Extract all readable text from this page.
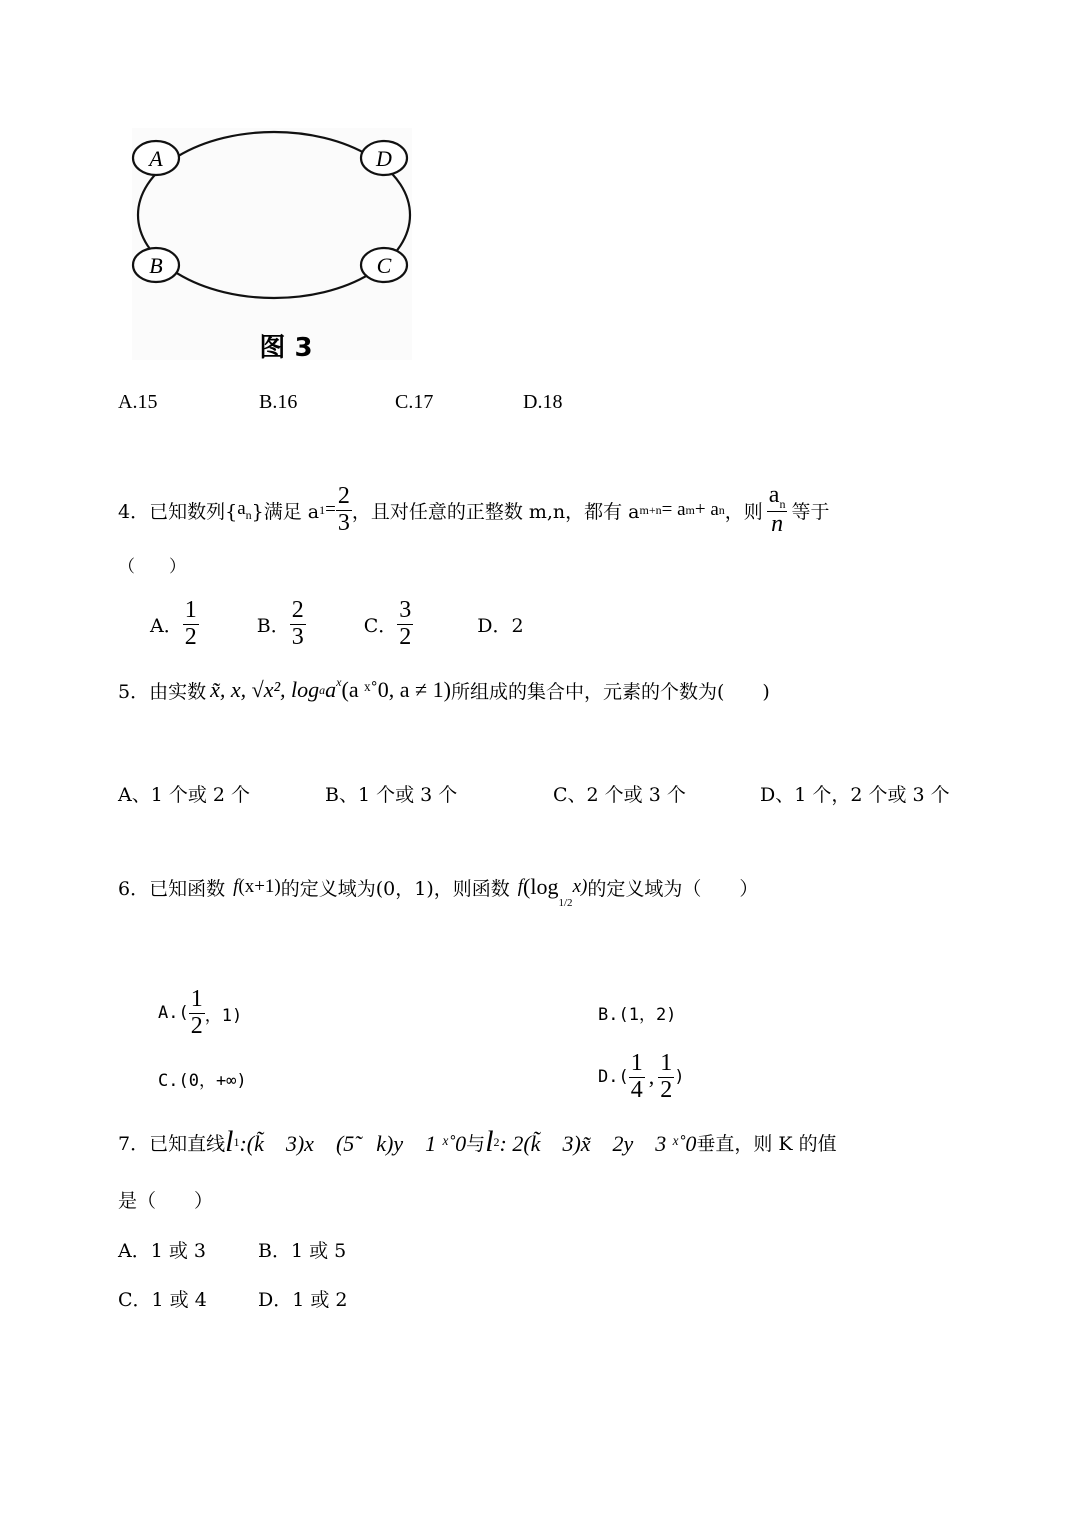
A	D
B	C
图 3
A.15	B.16	C.17	D.18
4．已知数列{ $a_n$ }满足 a $1 = \frac{2}{3}$ ，且对任意的正整数 m,n，都有 a m+n = a m + a n ，则 $\frac{a_n}{n}$ 等于
（　　）
A． $\frac{1}{2}$	B． $\frac{2}{3}$	C． $\frac{3}{2}$	D．2
5．由实数 x̃, x, √x², log a $a^x$ (a ˣ˚0, a ≠ 1) 所组成的集合中，元素的个数为(　　)
A、1 个或 2 个	B、1 个或 3 个	C、2 个或 3 个	D、1 个，2 个或 3 个
6．已知函数 f (x+1) 的定义域为(0，1)，则函数 f (log
1/2
x) 的定义域为（　　）
$A.( \frac{1}{2}$ ，1)	B.(1，2)
C.(0，+∞)	$D.( \frac{1}{4}$ , $\frac{1}{2}$ )
7．已知直线 l 1 :(k̃　3)x　(5̃　k)y　1 ˣ˚0 与 l 2 : 2(k̃　3)x̃　2y　3 ˣ˚0 垂直，则 K 的值
是（　　）
A．1 或 3	B．1 或 5
C．1 或 4	D．1 或 2
